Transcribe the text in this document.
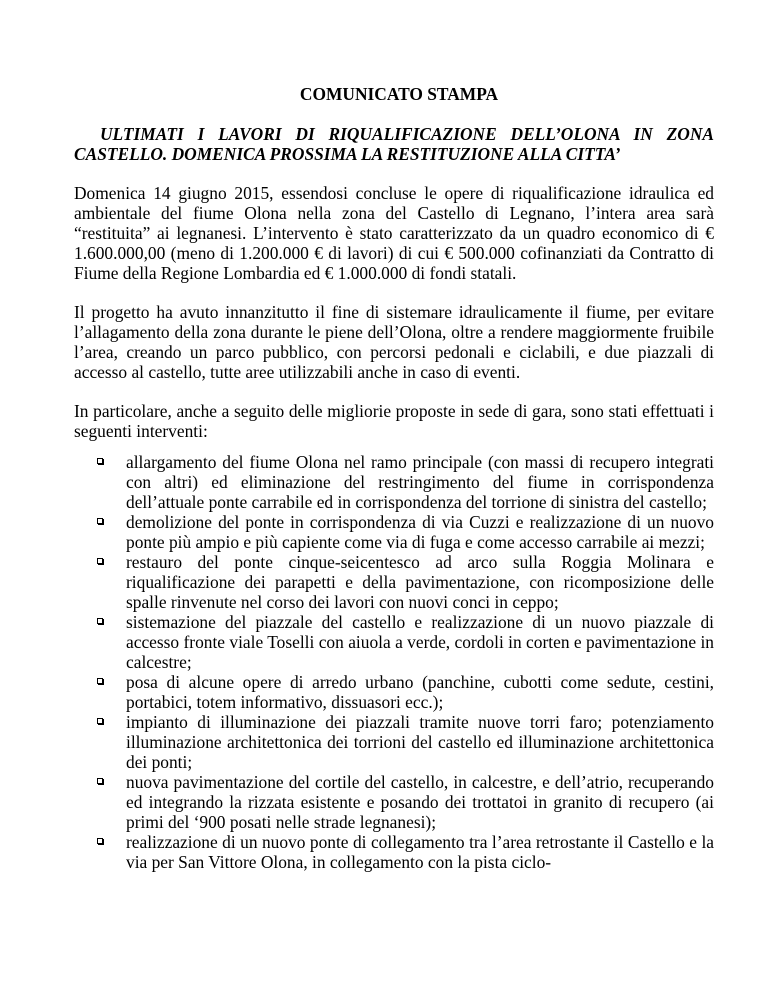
COMUNICATO STAMPA
ULTIMATI I LAVORI DI RIQUALIFICAZIONE DELL’OLONA IN ZONA CASTELLO. DOMENICA PROSSIMA LA RESTITUZIONE ALLA CITTA’

Domenica 14 giugno 2015, essendosi concluse le opere di riqualificazione idraulica ed ambientale del fiume Olona nella zona del Castello di Legnano, l’intera area sarà “restituita” ai legnanesi. L’intervento è stato caratterizzato da un quadro economico di € 1.600.000,00 (meno di 1.200.000 € di lavori) di cui € 500.000 cofinanziati da Contratto di Fiume della Regione Lombardia ed € 1.000.000 di fondi statali.

Il progetto ha avuto innanzitutto il fine di sistemare idraulicamente il fiume, per evitare l’allagamento della zona durante le piene dell’Olona, oltre a rendere maggiormente fruibile l’area, creando un parco pubblico, con percorsi pedonali e ciclabili, e due piazzali di accesso al castello, tutte aree utilizzabili anche in caso di eventi.

In particolare, anche a seguito delle migliorie proposte in sede di gara, sono stati effettuati i seguenti interventi:

allargamento del fiume Olona nel ramo principale (con massi di recupero integrati con altri) ed eliminazione del restringimento del fiume in corrispondenza dell’attuale ponte carrabile ed in corrispondenza del torrione di sinistra del castello;
demolizione del ponte in corrispondenza di via Cuzzi e realizzazione di un nuovo ponte più ampio e più capiente come via di fuga e come accesso carrabile ai mezzi;
restauro del ponte cinque-seicentesco ad arco sulla Roggia Molinara e riqualificazione dei parapetti e della pavimentazione, con ricomposizione delle spalle rinvenute nel corso dei lavori con nuovi conci in ceppo;
sistemazione del piazzale del castello e realizzazione di un nuovo piazzale di accesso fronte viale Toselli con aiuola a verde, cordoli in corten e pavimentazione in calcestre;
posa di alcune opere di arredo urbano (panchine, cubotti come sedute, cestini, portabici, totem informativo, dissuasori ecc.);
impianto di illuminazione dei piazzali tramite nuove torri faro; potenziamento illuminazione architettonica dei torrioni del castello ed illuminazione architettonica dei ponti;
nuova pavimentazione del cortile del castello, in calcestre, e dell’atrio, recuperando ed integrando la rizzata esistente e posando dei trottatoi in granito di recupero (ai primi del ‘900 posati nelle strade legnanesi);
realizzazione di un nuovo ponte di collegamento tra l’area retrostante il Castello e la via per San Vittore Olona, in collegamento con la pista ciclo-
